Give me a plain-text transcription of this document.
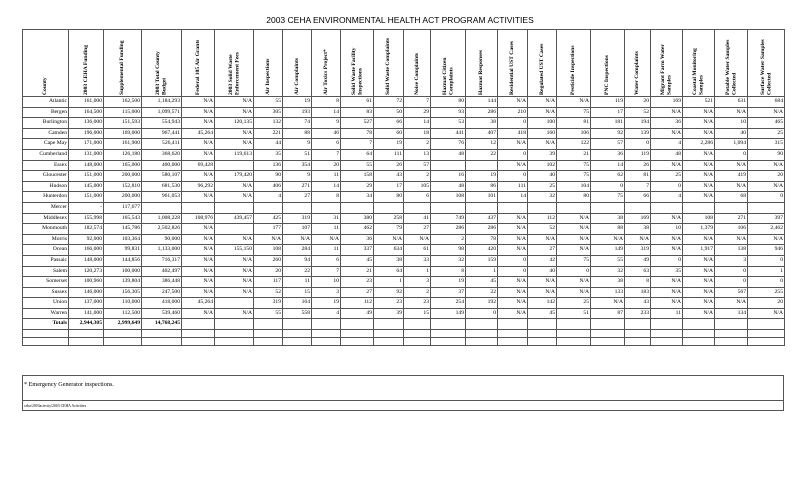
2003 CEHA ENVIRONMENTAL HEALTH ACT PROGRAM ACTIVITIES
County	2003 CEHA Funding	Supplemental Funding	2003 Total County Budget	Federal 105 Air Grants	2003 Solid Waste Enforcement Fees	Air Inspections	Air Complaints	Air Toxics Project*	Solid Waste Facility Inspections	Solid Waste Complaints	Noise Complaints	Hazmat Citizen Complaints	Hazmat Responses	Residential UST Cases	Regulated UST Cases	Pesticide Inspections	PNC Inspections	Water Complaints	Migrant Farm Water Samples	Coastal Monitoring Samples	Potable Water Samples Collected	Surface Water Samples Collected

Atlantic	161,000	162,500	1,184,293	N/A	N/A	55	19	8	61	72	7	80	144	N/A	N/A	N/A	119	20	169	521	631	684
Bergen	164,500	115,000	1,099,571	N/A	N/A	305	193	14	83	50	29	93	286	210	N/A	75	17	52	N/A	N/A	N/A	N/A
Burlington	136,000	151,593	554,943	N/A	120,135	132	74	9	527	66	14	53	38	0	100	81	181	194	36	N/A	10	465
Camden	196,000	169,000	967,441	45,264	N/A	221	88	46	78	60	18	441	407	418	160	106	92	139	N/A	N/A	40	25
Cape May	171,000	161,900	526,411	N/A	N/A	44	9	6	7	19	2	76	12	N/A	N/A	122	57	0	4	2,286	1,094	315
Cumberland	131,000	126,180	368,620	N/A	119,613	35	51	7	64	111	13	48	22	0	39	21	36	119	48	N/A	0	90
Essex	148,000	165,000	400,000	69,428		136	354	20	55	26	57			N/A	102	75	14	26	N/A	N/A	N/A	N/A
Gloucester	151,000	200,000	580,107	N/A	179,420	90	9	11	158	43	2	16	19	0	40	75	62	81	25	N/A	419	20
Hudson	145,000	152,810	681,530	96,292	N/A	406	271	14	29	17	105	48	86	111	25	104	0	7	0	N/A	N/A	N/A
Hunterdon	151,000	200,000	961,053	N/A	N/A	4	27	8	34	80	6	108	101	14	32	80	75	66	4	N/A	68	0
Mercer	-	117,677																				
Middlesex	155,998	165,543	1,008,228	108,976	439,457	425	319	31	380	258	41	749	437	N/A	112	N/A	38	169	N/A	108	271	397
Monmouth	182,574	145,786	2,502,826	N/A		177	107	11	462	79	27	286	286	N/A	52	N/A	88	38	10	1,379	106	2,462
Morris	92,000	103,364	90,000	N/A	N/A	N/A	N/A	N/A	36	N/A	N/A	2	78	N/A	N/A	N/A	N/A	N/A	N/A	N/A	N/A	N/A
Ocean	166,000	99,831	1,133,000	N/A	155,150	108	284	11	337	634	61	98	420	N/A	27	N/A	149	319	N/A	1,917	138	946
Passaic	148,000	144,856	716,317	N/A	N/A	260	94	6	45	38	33	32	159	0	42	75	55	49	0	N/A	3	0
Salem	120,273	100,000	402,497	N/A	N/A	20	22	7	21	64	1	8	1	0	40	0	32	63	35	N/A	0	1
Somerset	100,960	139,804	386,448	N/A	N/A	117	11	10	23	1	3	19	45	N/A	N/A	N/A	38	8	N/A	N/A	0	0
Sussex	146,000	156,305	247,500	N/A	N/A	52	15	3	27	92	2	37	22	N/A	N/A	N/A	133	183	N/A	N/A	567	255
Union	137,000	110,000	418,000	45,264		319	164	19	112	23	23	254	192	N/A	142	25	N/A	43	N/A	N/A	N/A	20
Warren	141,000	112,500	539,460	N/A	N/A	55	558	4	49	39	15	149	0	N/A	45	51	87	233	11	N/A	134	N/A
Totals	2,944,305	2,999,649	14,768,245																			

* Emergency Generator inspections.
ceha/2003activity/2003 CEHA Activities
